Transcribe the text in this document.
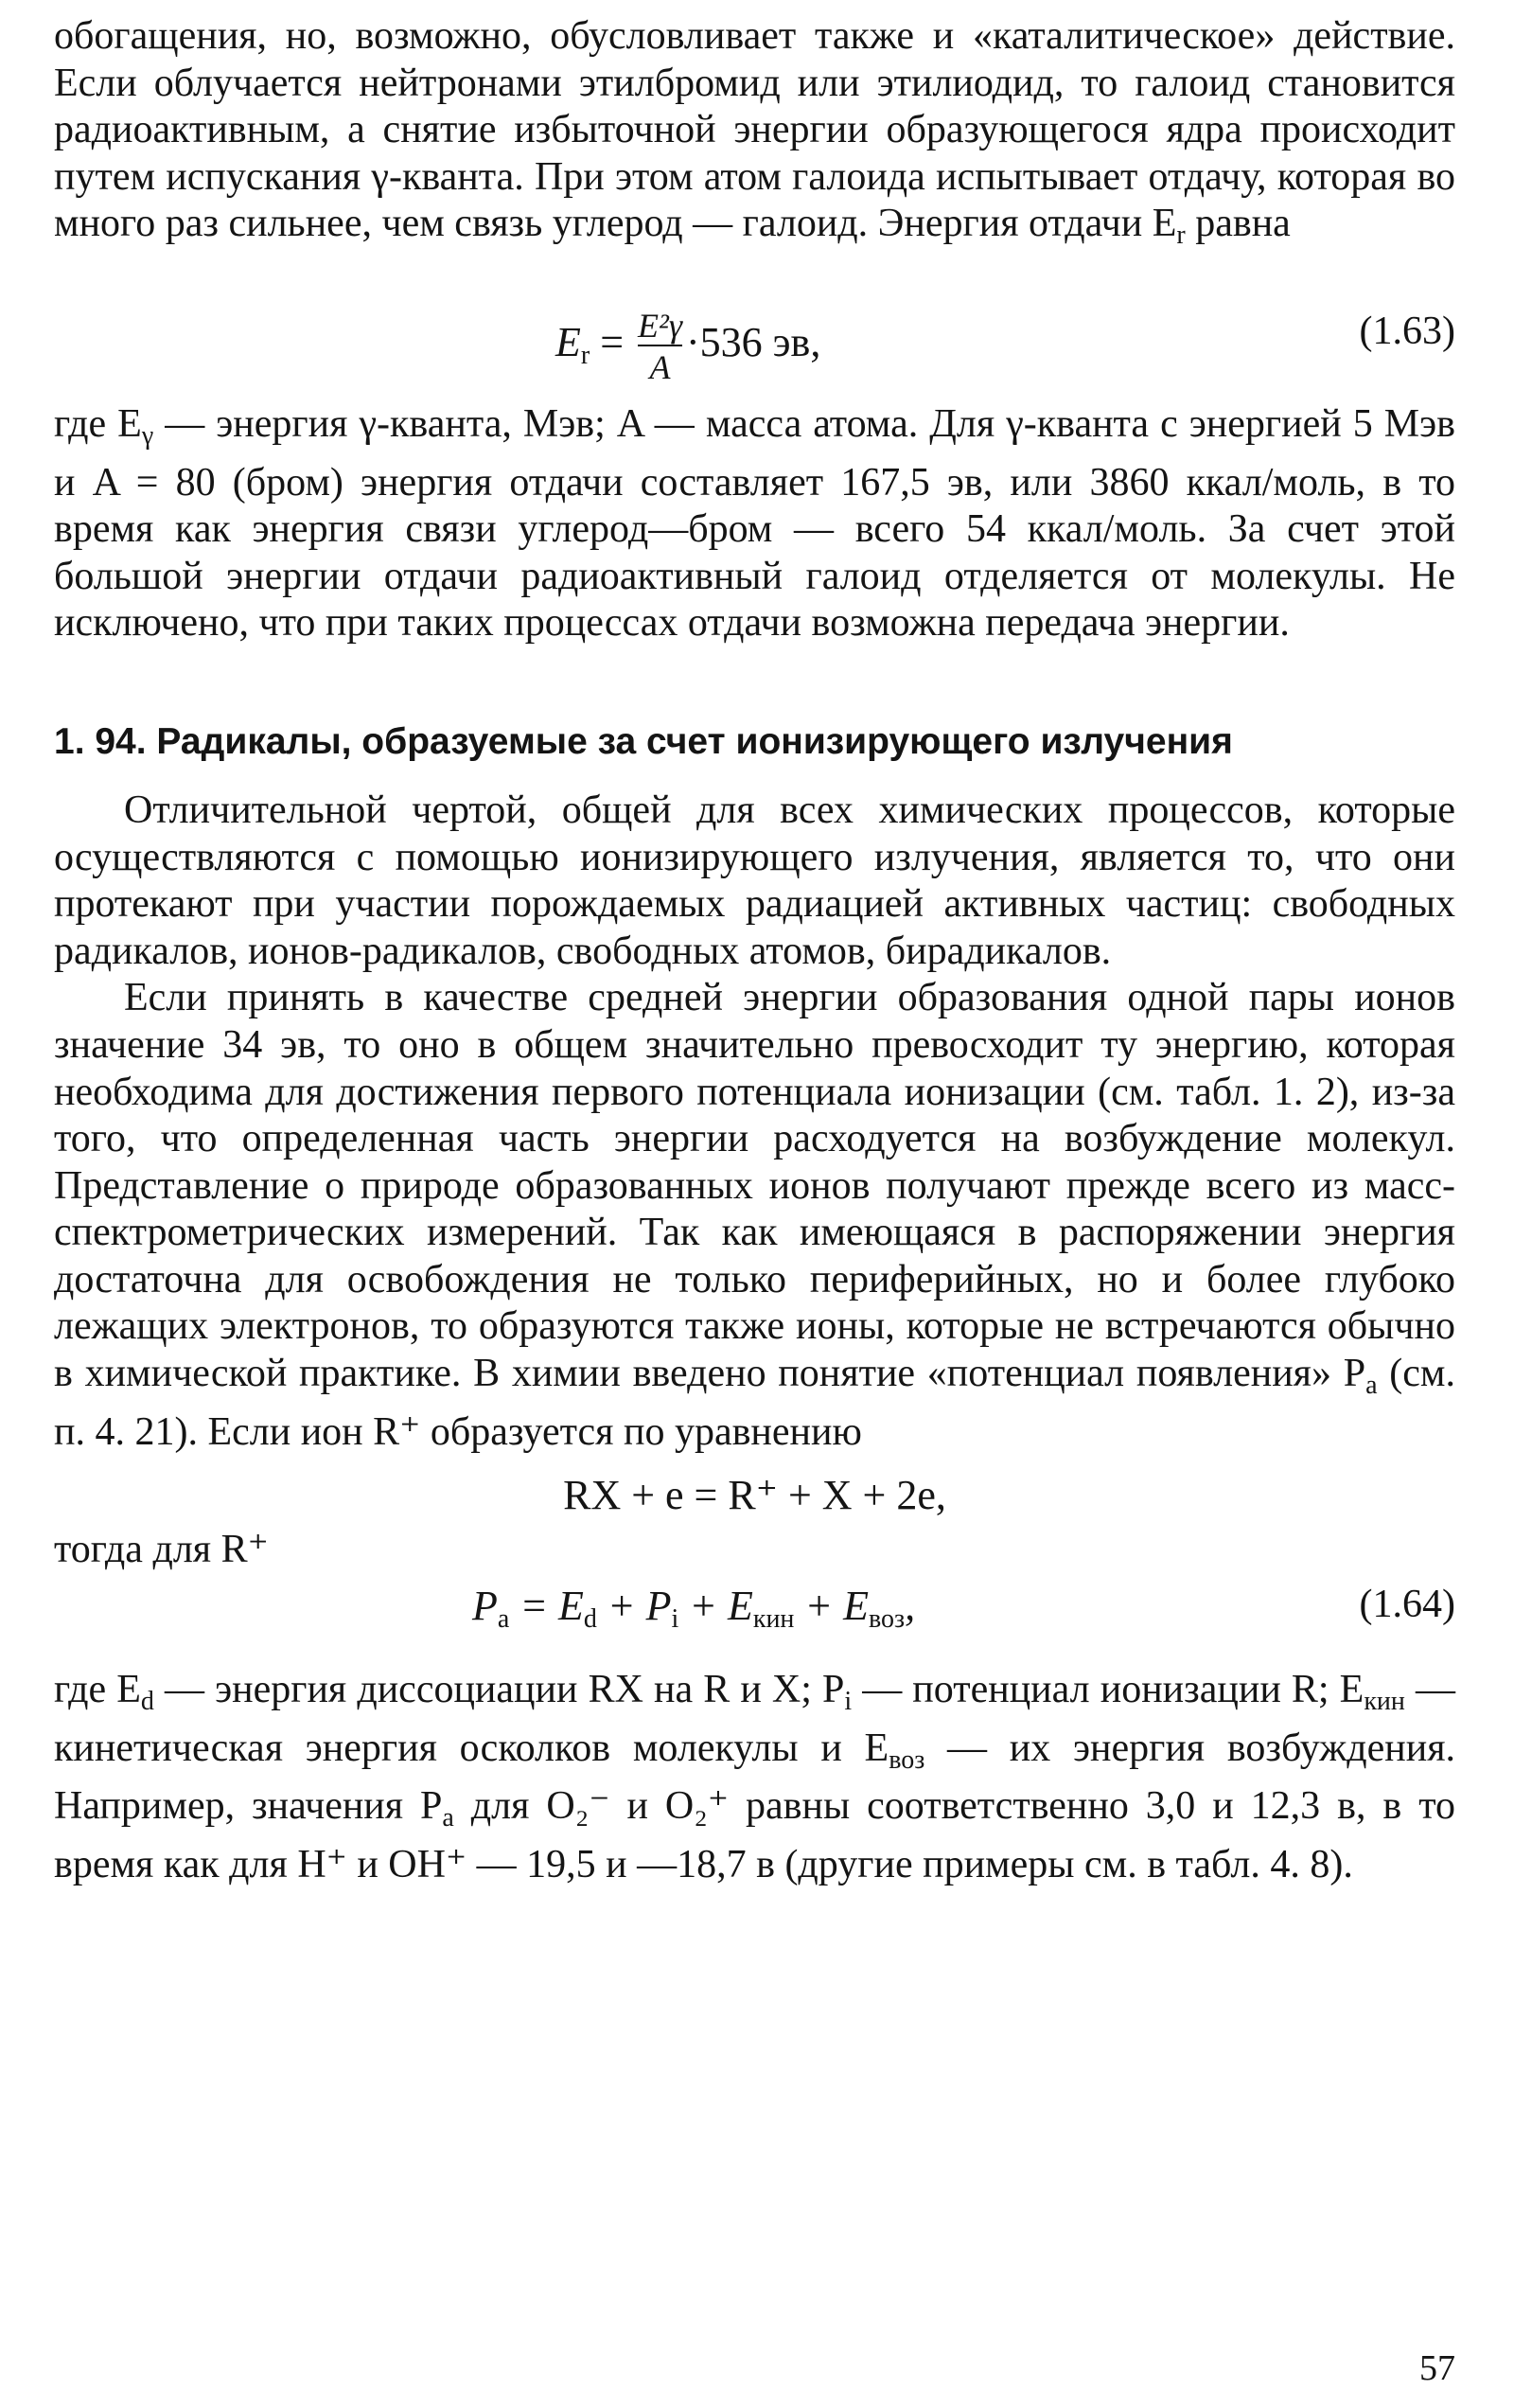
обогащения, но, возможно, обусловливает также и «каталитическое» действие. Если облучается нейтронами этилбромид или этилиодид, то галоид становится радиоактивным, а снятие избыточной энергии образующегося ядра происходит путем испускания γ-кванта. При этом атом галоида испытывает отдачу, которая во много раз сильнее, чем связь углерод — галоид. Энергия отдачи $E_r$ равна

$E_r = \frac{\text{E²γ}}{A} \cdot 536$ эв,	(1.63)

где $E_\gamma$ — энергия γ-кванта, Мэв; A — масса атома. Для γ-кванта с энергией 5 Мэв и A = 80 (бром) энергия отдачи составляет 167,5 эв, или 3860 ккал/моль, в то время как энергия связи углерод—бром — всего 54 ккал/моль. За счет этой большой энергии отдачи радиоактивный галоид отделяется от молекулы. Не исключено, что при таких процессах отдачи возможна передача энергии.

1. 94. Радикалы, образуемые за счет ионизирующего излучения

Отличительной чертой, общей для всех химических процессов, которые осуществляются с помощью ионизирующего излучения, является то, что они протекают при участии порождаемых радиацией активных частиц: свободных радикалов, ионов-радикалов, свободных атомов, бирадикалов.

Если принять в качестве средней энергии образования одной пары ионов значение 34 эв, то оно в общем значительно превосходит ту энергию, которая необходима для достижения первого потенциала ионизации (см. табл. 1. 2), из-за того, что определенная часть энергии расходуется на возбуждение молекул. Представление о природе образованных ионов получают прежде всего из масс-спектрометрических измерений. Так как имеющаяся в распоряжении энергия достаточна для освобождения не только периферийных, но и более глубоко лежащих электронов, то образуются также ионы, которые не встречаются обычно в химической практике. В химии введено понятие «потенциал появления» $P_a$ (см. п. 4. 21). Если ион R⁺ образуется по уравнению

RX + e = R⁺ + X + 2e,
тогда для R⁺
$P_a = E_d + P_i + E_{кин} + E_{воз}$,	(1.64)

где $E_d$ — энергия диссоциации RX на R и X; $P_i$ — потенциал ионизации R; $E_{кин}$ — кинетическая энергия осколков молекулы и $E_{воз}$ — их энергия возбуждения. Например, значения $P_a$ для O₂⁻ и O₂⁺ равны соответственно 3,0 и 12,3 в, в то время как для H⁺ и OH⁺ — 19,5 и —18,7 в (другие примеры см. в табл. 4. 8).

57
